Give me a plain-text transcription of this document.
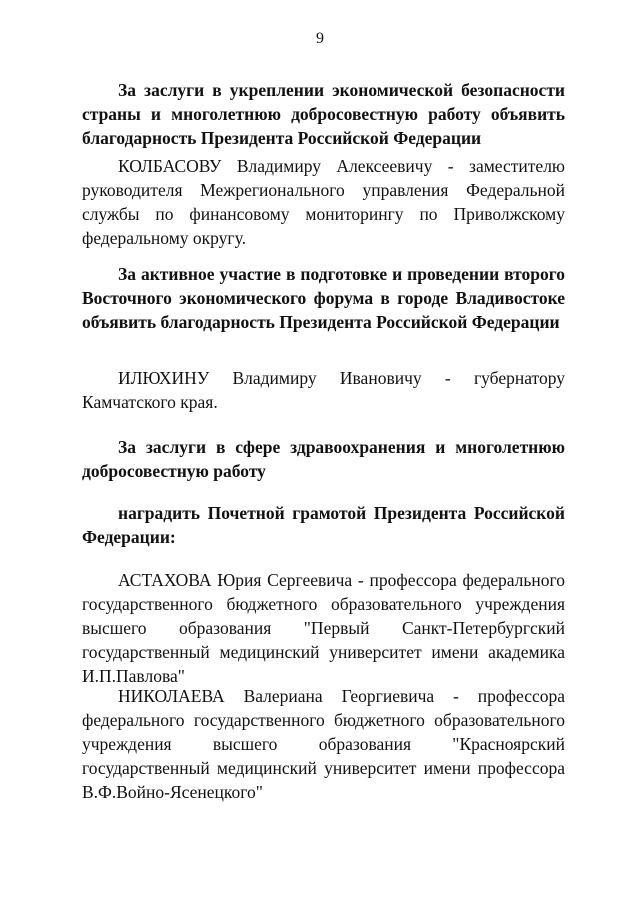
9

За заслуги в укреплении экономической безопасности страны и многолетнюю добросовестную работу объявить благодарность Президента Российской Федерации

КОЛБАСОВУ Владимиру Алексеевичу - заместителю руководителя Межрегионального управления Федеральной службы по финансовому мониторингу по Приволжскому федеральному округу.

За активное участие в подготовке и проведении второго Восточного экономического форума в городе Владивостоке объявить благодарность Президента Российской Федерации

ИЛЮХИНУ Владимиру Ивановичу - губернатору Камчатского края.

За заслуги в сфере здравоохранения и многолетнюю добросовестную работу

наградить Почетной грамотой Президента Российской Федерации:

АСТАХОВА Юрия Сергеевича - профессора федерального государственного бюджетного образовательного учреждения высшего образования "Первый Санкт-Петербургский государственный медицинский университет имени академика И.П.Павлова"

НИКОЛАЕВА Валериана Георгиевича - профессора федерального государственного бюджетного образовательного учреждения высшего образования "Красноярский государственный медицинский университет имени профессора В.Ф.Войно-Ясенецкого"
